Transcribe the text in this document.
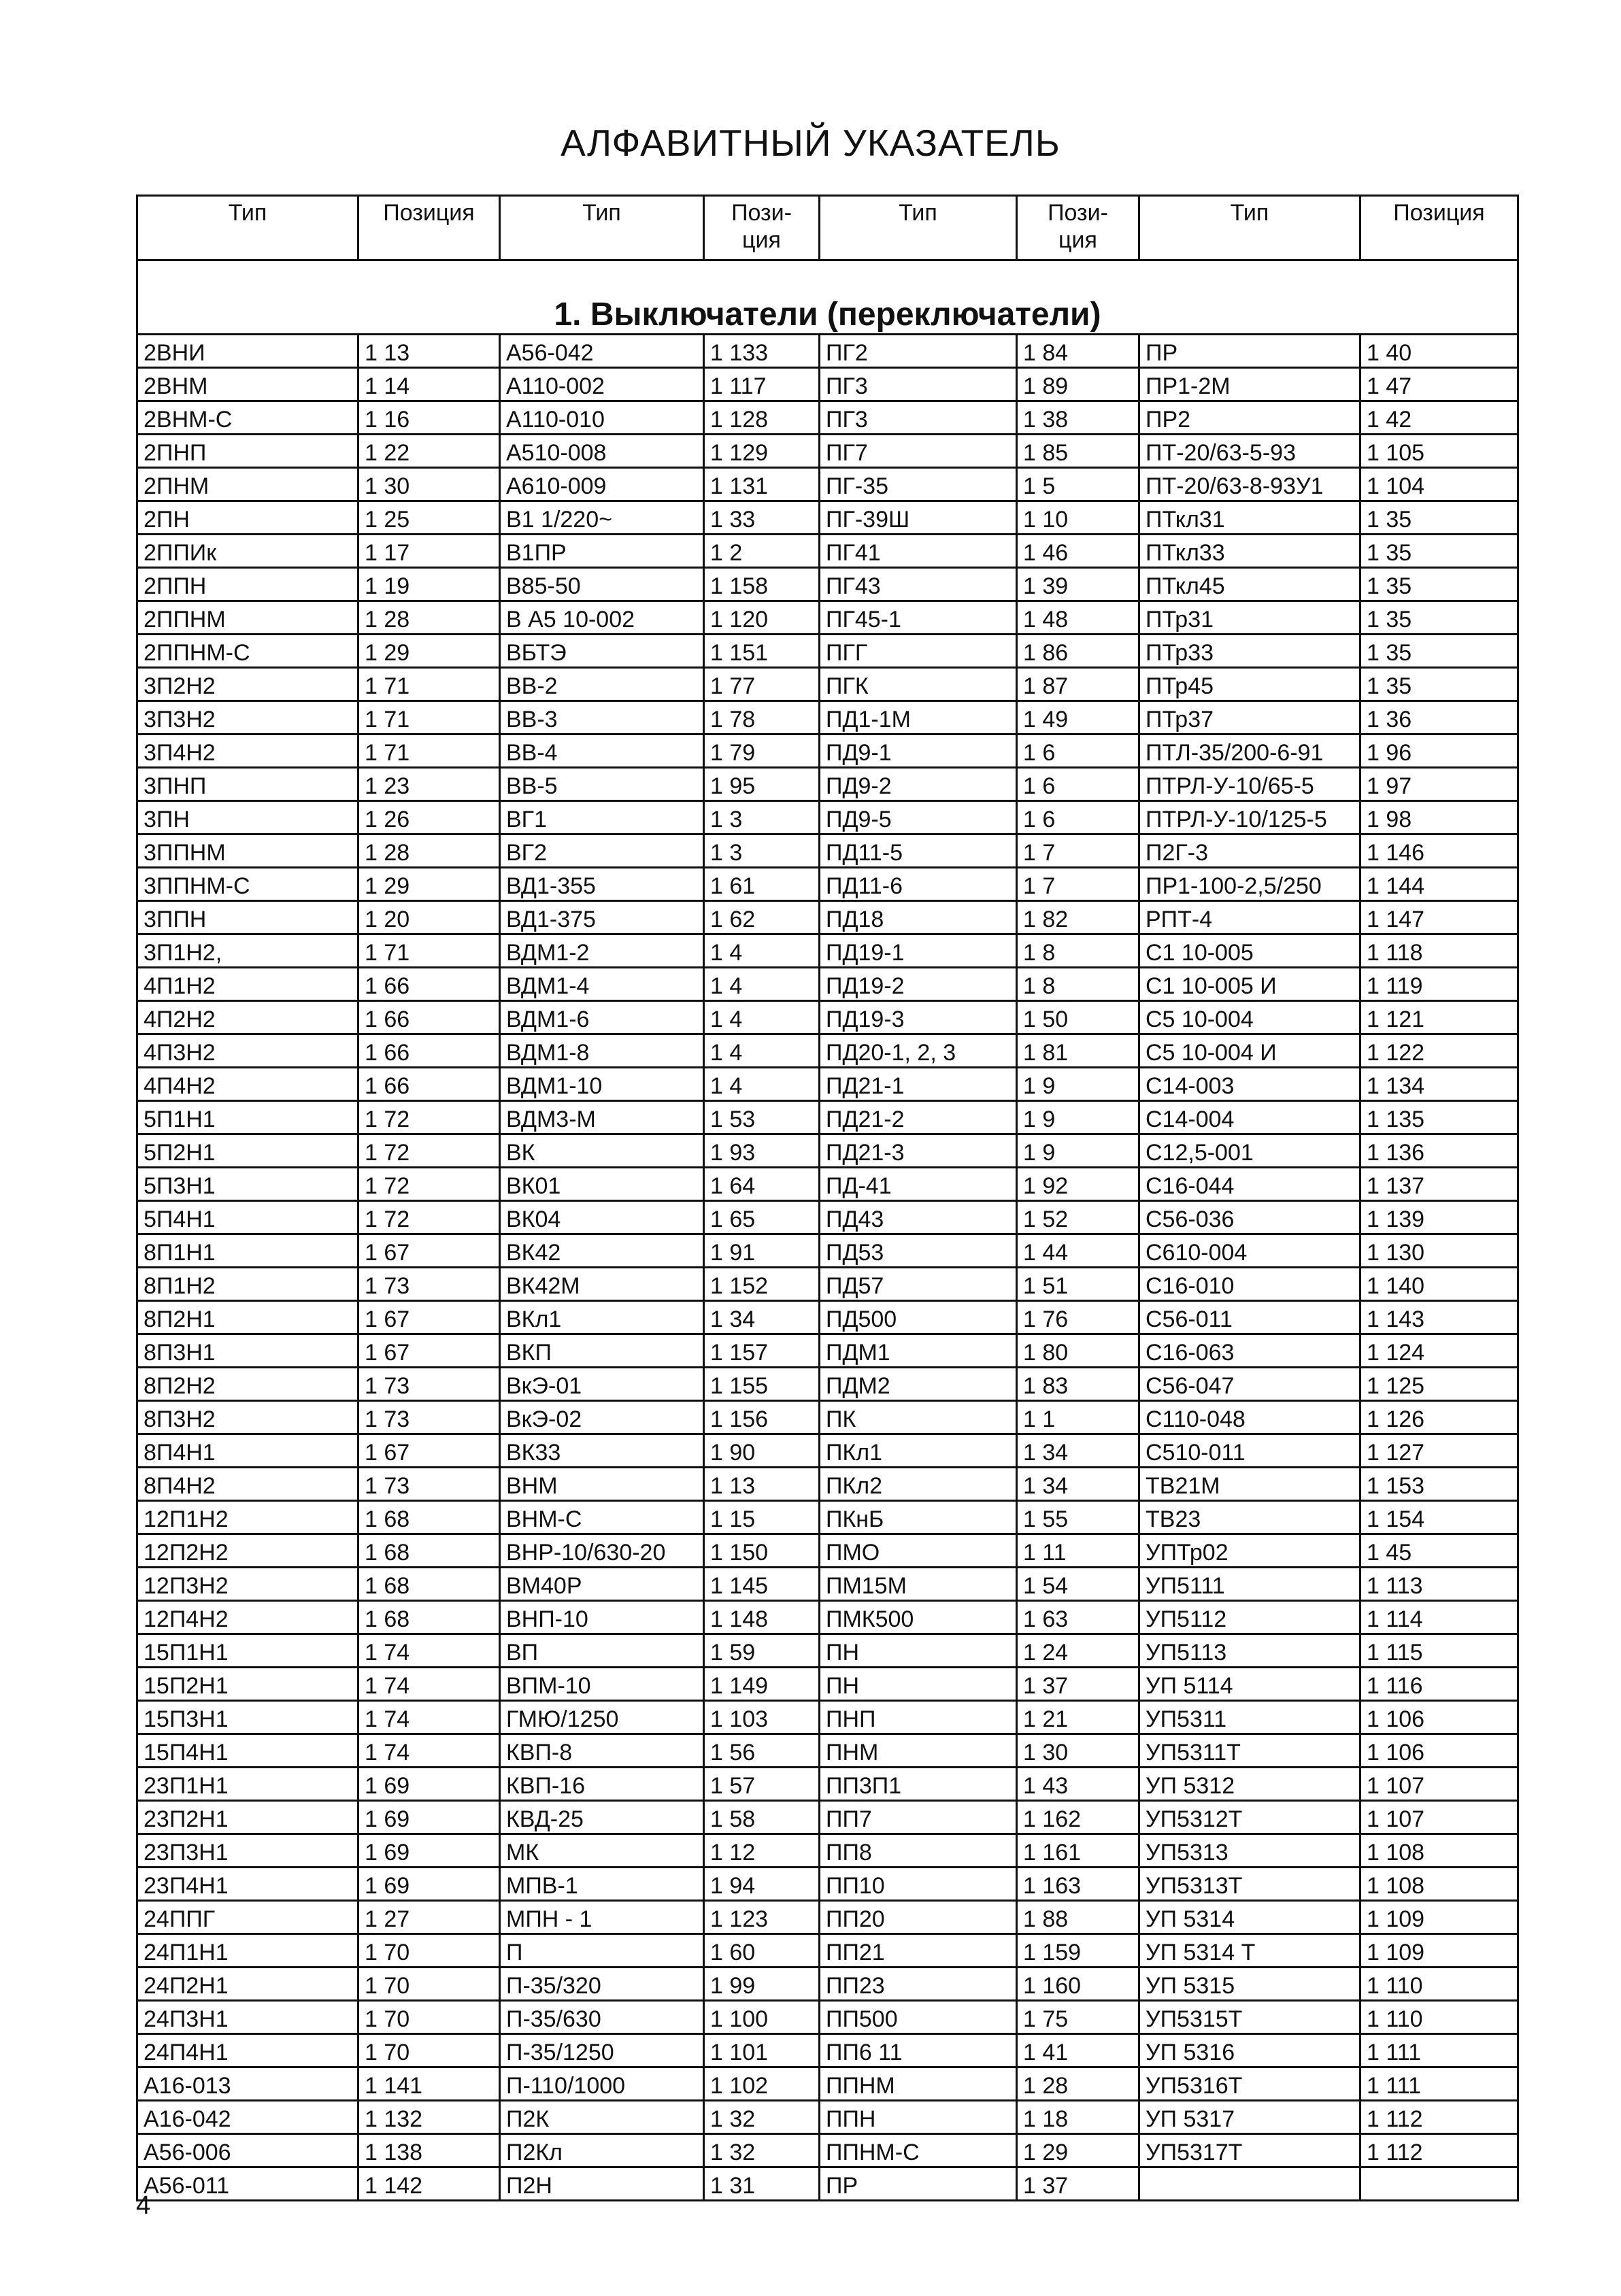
АЛФАВИТНЫЙ УКАЗАТЕЛЬ
Тип	Позиция	Тип	Пози-
ция	Тип	Пози-
ция	Тип	Позиция
1. Выключатели (переключатели)							
2ВНИ	1 13	А56-042	1 133	ПГ2	1 84	ПР	1 40
2ВНМ	1 14	А110-002	1 117	ПГ3	1 89	ПР1-2М	1 47
2ВНМ-С	1 16	А110-010	1 128	ПГ3	1 38	ПР2	1 42
2ПНП	1 22	А510-008	1 129	ПГ7	1 85	ПТ-20/63-5-93	1 105
2ПНМ	1 30	А610-009	1 131	ПГ-35	1 5	ПТ-20/63-8-93У1	1 104
2ПН	1 25	В1 1/220~	1 33	ПГ-39Ш	1 10	ПТкл31	1 35
2ППИк	1 17	В1ПР	1 2	ПГ41	1 46	ПТкл33	1 35
2ППН	1 19	В85-50	1 158	ПГ43	1 39	ПТкл45	1 35
2ППНМ	1 28	В А5 10-002	1 120	ПГ45-1	1 48	ПТр31	1 35
2ППНМ-С	1 29	ВБТЭ	1 151	ПГГ	1 86	ПТр33	1 35
3П2Н2	1 71	ВВ-2	1 77	ПГК	1 87	ПТр45	1 35
3П3Н2	1 71	ВВ-3	1 78	ПД1-1М	1 49	ПТр37	1 36
3П4Н2	1 71	ВВ-4	1 79	ПД9-1	1 6	ПТЛ-35/200-6-91	1 96
3ПНП	1 23	ВВ-5	1 95	ПД9-2	1 6	ПТРЛ-У-10/65-5	1 97
3ПН	1 26	ВГ1	1 3	ПД9-5	1 6	ПТРЛ-У-10/125-5	1 98
3ППНМ	1 28	ВГ2	1 3	ПД11-5	1 7	П2Г-3	1 146
3ППНМ-С	1 29	ВД1-355	1 61	ПД11-6	1 7	ПР1-100-2,5/250	1 144
3ППН	1 20	ВД1-375	1 62	ПД18	1 82	РПТ-4	1 147
3П1Н2,	1 71	ВДМ1-2	1 4	ПД19-1	1 8	С1 10-005	1 118
4П1Н2	1 66	ВДМ1-4	1 4	ПД19-2	1 8	С1 10-005 И	1 119
4П2Н2	1 66	ВДМ1-6	1 4	ПД19-3	1 50	С5 10-004	1 121
4П3Н2	1 66	ВДМ1-8	1 4	ПД20-1, 2, 3	1 81	С5 10-004 И	1 122
4П4Н2	1 66	ВДМ1-10	1 4	ПД21-1	1 9	С14-003	1 134
5П1Н1	1 72	ВДМ3-М	1 53	ПД21-2	1 9	С14-004	1 135
5П2Н1	1 72	ВК	1 93	ПД21-3	1 9	С12,5-001	1 136
5П3Н1	1 72	ВК01	1 64	ПД-41	1 92	С16-044	1 137
5П4Н1	1 72	ВК04	1 65	ПД43	1 52	С56-036	1 139
8П1Н1	1 67	ВК42	1 91	ПД53	1 44	С610-004	1 130
8П1Н2	1 73	ВК42М	1 152	ПД57	1 51	С16-010	1 140
8П2Н1	1 67	ВКл1	1 34	ПД500	1 76	С56-011	1 143
8П3Н1	1 67	ВКП	1 157	ПДМ1	1 80	С16-063	1 124
8П2Н2	1 73	ВкЭ-01	1 155	ПДМ2	1 83	С56-047	1 125
8П3Н2	1 73	ВкЭ-02	1 156	ПК	1 1	С110-048	1 126
8П4Н1	1 67	ВК33	1 90	ПКл1	1 34	С510-011	1 127
8П4Н2	1 73	ВНМ	1 13	ПКл2	1 34	ТВ21М	1 153
12П1Н2	1 68	ВНМ-С	1 15	ПКнБ	1 55	ТВ23	1 154
12П2Н2	1 68	ВНР-10/630-20	1 150	ПМО	1 11	УПТр02	1 45
12П3Н2	1 68	ВМ40Р	1 145	ПМ15М	1 54	УП5111	1 113
12П4Н2	1 68	ВНП-10	1 148	ПМК500	1 63	УП5112	1 114
15П1Н1	1 74	ВП	1 59	ПН	1 24	УП5113	1 115
15П2Н1	1 74	ВПМ-10	1 149	ПН	1 37	УП 5114	1 116
15П3Н1	1 74	ГМЮ/1250	1 103	ПНП	1 21	УП5311	1 106
15П4Н1	1 74	КВП-8	1 56	ПНМ	1 30	УП5311Т	1 106
23П1Н1	1 69	КВП-16	1 57	ПП3П1	1 43	УП 5312	1 107
23П2Н1	1 69	КВД-25	1 58	ПП7	1 162	УП5312Т	1 107
23П3Н1	1 69	МК	1 12	ПП8	1 161	УП5313	1 108
23П4Н1	1 69	МПВ-1	1 94	ПП10	1 163	УП5313Т	1 108
24ППГ	1 27	МПН - 1	1 123	ПП20	1 88	УП 5314	1 109
24П1Н1	1 70	П	1 60	ПП21	1 159	УП 5314 Т	1 109
24П2Н1	1 70	П-35/320	1 99	ПП23	1 160	УП 5315	1 110
24П3Н1	1 70	П-35/630	1 100	ПП500	1 75	УП5315Т	1 110
24П4Н1	1 70	П-35/1250	1 101	ПП6 11	1 41	УП 5316	1 111
А16-013	1 141	П-110/1000	1 102	ППНМ	1 28	УП5316Т	1 111
А16-042	1 132	П2К	1 32	ППН	1 18	УП 5317	1 112
А56-006	1 138	П2Кл	1 32	ППНМ-С	1 29	УП5317Т	1 112
А56-011	1 142	П2Н	1 31	ПР	1 37		
4
